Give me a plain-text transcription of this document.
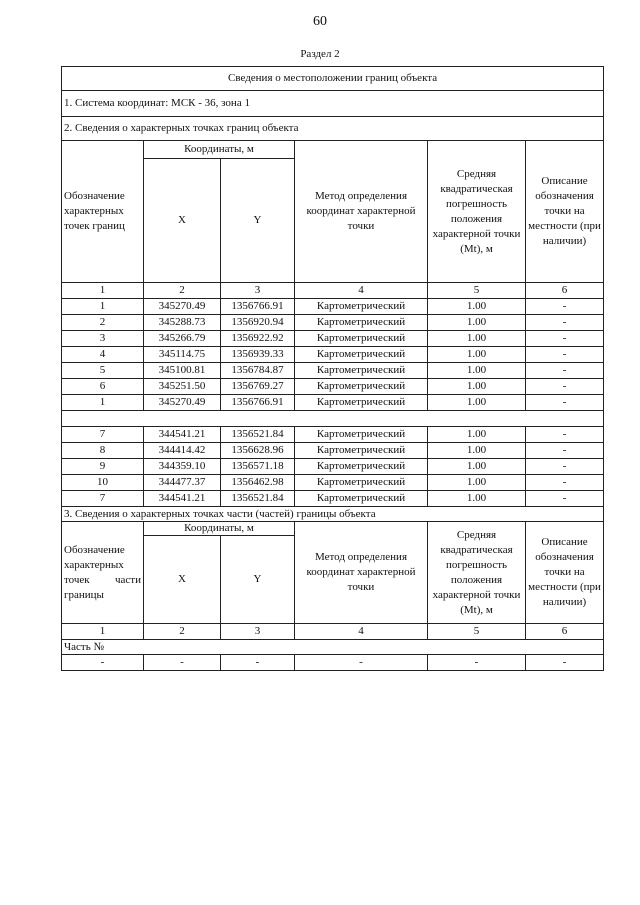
60
Раздел 2
Сведения о местоположении границ объекта					
1. Система координат: МСК - 36, зона 1					
2. Сведения о характерных точках границ объекта					
Обозначение характерных точек границ	Координаты, м		Метод определения координат характерной точки	Средняя квадратическая погрешность положения характерной точки (Mt), м	Описание обозначения точки на местности (при наличии)
	X	Y			
1	2	3	4	5	6
1	345270.49	1356766.91	Картометрический	1.00	-
2	345288.73	1356920.94	Картометрический	1.00	-
3	345266.79	1356922.92	Картометрический	1.00	-
4	345114.75	1356939.33	Картометрический	1.00	-
5	345100.81	1356784.87	Картометрический	1.00	-
6	345251.50	1356769.27	Картометрический	1.00	-
1	345270.49	1356766.91	Картометрический	1.00	-

7	344541.21	1356521.84	Картометрический	1.00	-
8	344414.42	1356628.96	Картометрический	1.00	-
9	344359.10	1356571.18	Картометрический	1.00	-
10	344477.37	1356462.98	Картометрический	1.00	-
7	344541.21	1356521.84	Картометрический	1.00	-
3. Сведения о характерных точках части (частей) границы объекта					
Обозначение характерных точек части границы	Координаты, м		Метод определения координат характерной точки	Средняя квадратическая погрешность положения характерной точки (Mt), м	Описание обозначения точки на местности (при наличии)
	X	Y			
1	2	3	4	5	6
Часть №					
-	-	-	-	-	-
